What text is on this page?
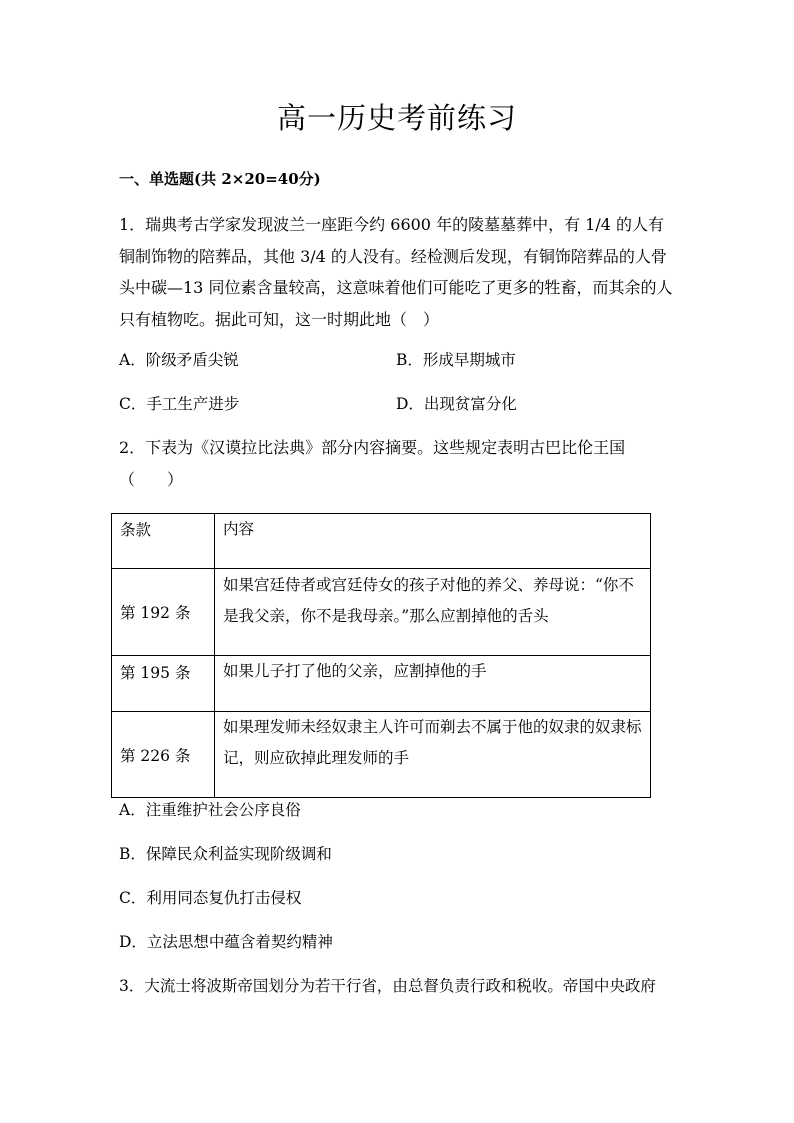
高一历史考前练习
一、单选题(共 2×20=40分)

1．瑞典考古学家发现波兰一座距今约 6600 年的陵墓墓葬中，有 1/4 的人有铜制饰物的陪葬品，其他 3/4 的人没有。经检测后发现，有铜饰陪葬品的人骨头中碳—13 同位素含量较高，这意味着他们可能吃了更多的牲畜，而其余的人只有植物吃。据此可知，这一时期此地（　）

A．阶级矛盾尖锐	B．形成早期城市
C．手工生产进步	D．出现贫富分化

2．下表为《汉谟拉比法典》部分内容摘要。这些规定表明古巴比伦王国（　　）

条款	内容
第 192 条	如果宫廷侍者或宫廷侍女的孩子对他的养父、养母说：“你不是我父亲，你不是我母亲。”那么应割掉他的舌头
第 195 条	如果儿子打了他的父亲，应割掉他的手
第 226 条	如果理发师未经奴隶主人许可而剃去不属于他的奴隶的奴隶标记，则应砍掉此理发师的手
A．注重维护社会公序良俗
B．保障民众利益实现阶级调和
C．利用同态复仇打击侵权
D．立法思想中蕴含着契约精神
3．大流士将波斯帝国划分为若干行省，由总督负责行政和税收。帝国中央政府
